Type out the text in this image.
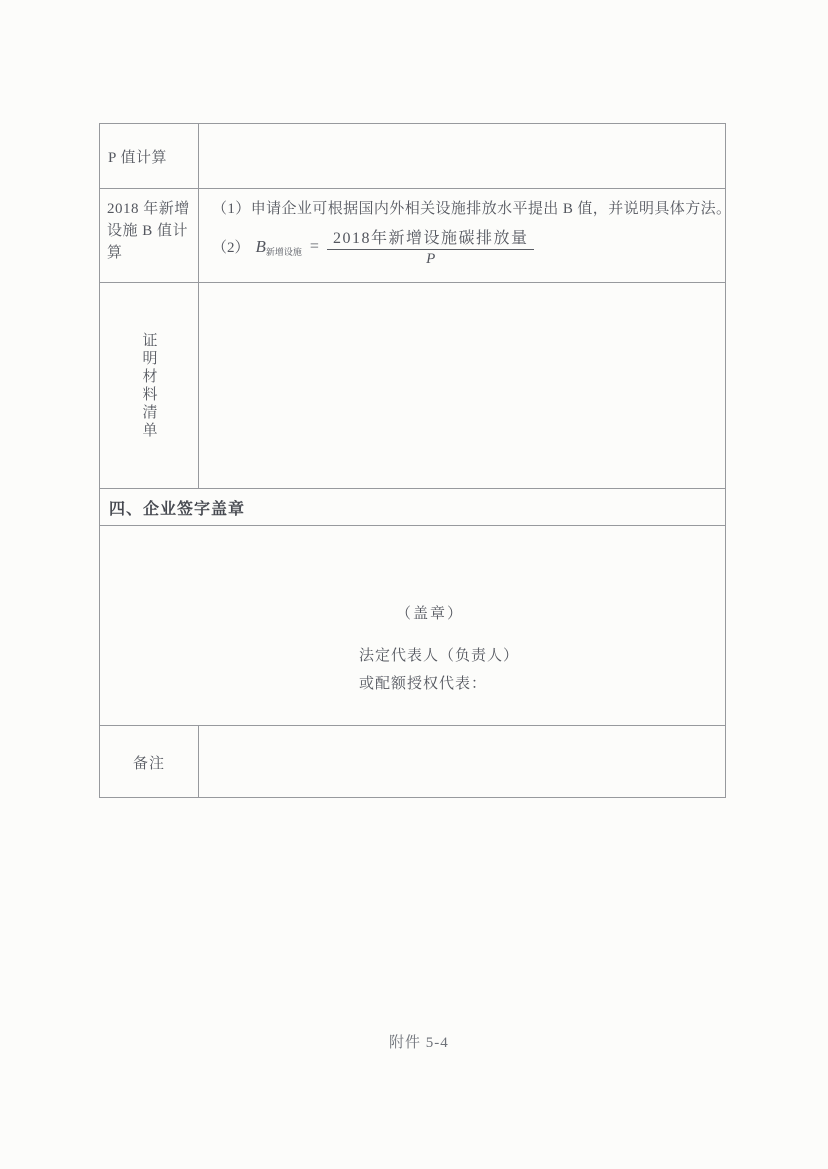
P 值计算
2018 年新增
设施 B 值计
算
（1）申请企业可根据国内外相关设施排放水平提出 B 值，并说明具体方法。
（2） B 新增设施 = $\frac{\text{2018年新增设施碳排放量}}{P}$
证明材料清单
四、企业签字盖章
（盖章）
法定代表人（负责人）
或配额授权代表：
备注
附件 5-4
